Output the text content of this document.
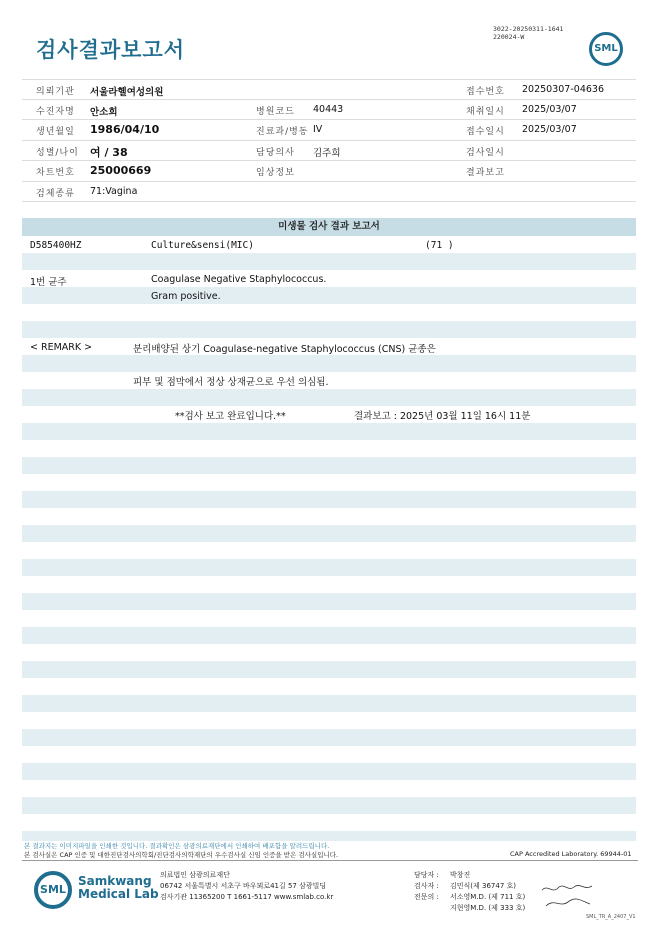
검사결과보고서
3022-20250311-1641
220024-W
SML
의뢰기관 서울라헬여성의원	접수번호 20250307-04636
수진자명 안소희	병원코드 40443	채취일시 2025/03/07
생년월일 1986/04/10	진료과/병동 IV	접수일시 2025/03/07
성별/나이 여 / 38	담당의사 김주희	검사일시
차트번호 25000669	임상정보	결과보고
검체종류 71:Vagina
미생물 검사 결과 보고서
D585400HZ	Culture&sensi(MIC)	(71 )
1번 균주	Coagulase Negative Staphylococcus.
Gram positive.
< REMARK >	분리배양된 상기 Coagulase-negative Staphylococcus (CNS) 균종은
피부 및 점막에서 정상 상재균으로 우선 의심됨.
**검사 보고 완료입니다.**	결과보고 : 2025년 03월 11일 16시 11분
본 결과지는 이미지파일을 인쇄한 것입니다. 결과확인은 삼광의료재단에서 인쇄하여 배포함을 알려드립니다.
본 검사실은 CAP 인증 및 대한진단검사의학회/진단검사의학재단의 우수검사실 신임 인증을 받은 검사실입니다.	CAP Accredited Laboratory. 69944-01
SML
Samkwang
Medical Lab
의료법인 삼광의료재단
06742 서울특별시 서초구 바우뫼로41길 57 삼광빌딩
검사기관 11365200 T 1661-5117 www.smlab.co.kr
담당자 : 박창진
검사자 : 김민식(제 36747 호)
전문의 : 서소영M.D. (제 711 호)
지현영M.D. (제 333 호)
SML_TR_A_2407_V1
